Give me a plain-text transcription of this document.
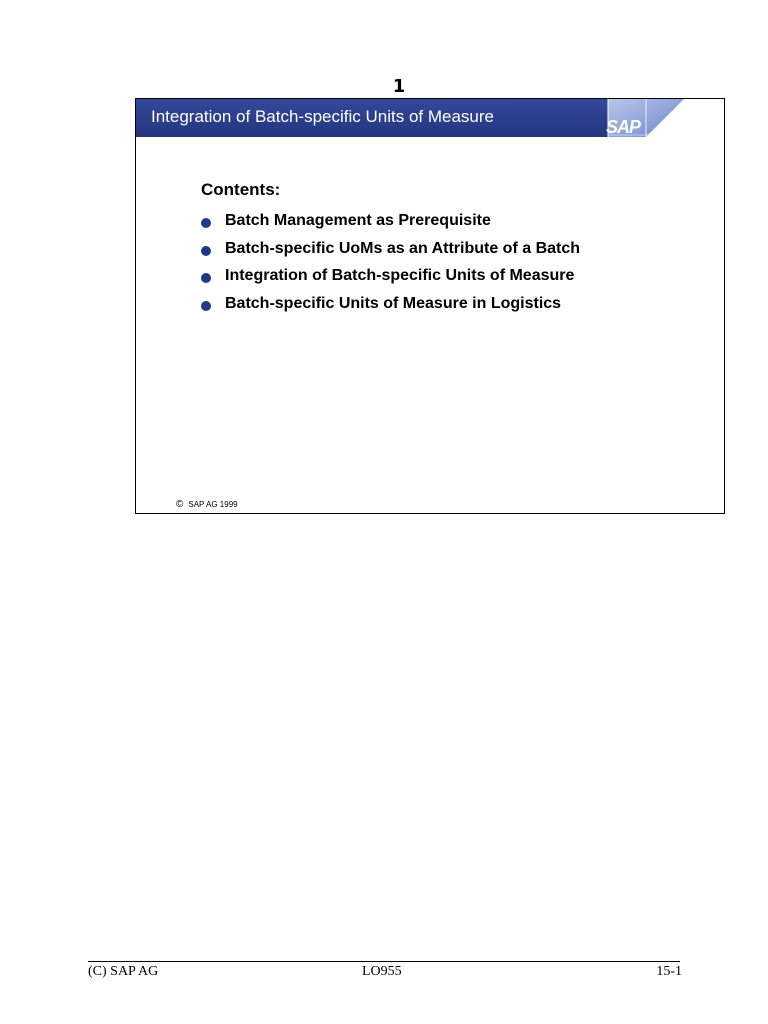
1
Integration of Batch-specific Units of Measure
SAP
Contents:
Batch Management as Prerequisite
Batch-specific UoMs as an Attribute of a Batch
Integration of Batch-specific Units of Measure
Batch-specific Units of Measure in Logistics
© SAP AG 1999
(C) SAP AG	LO955	15-1
